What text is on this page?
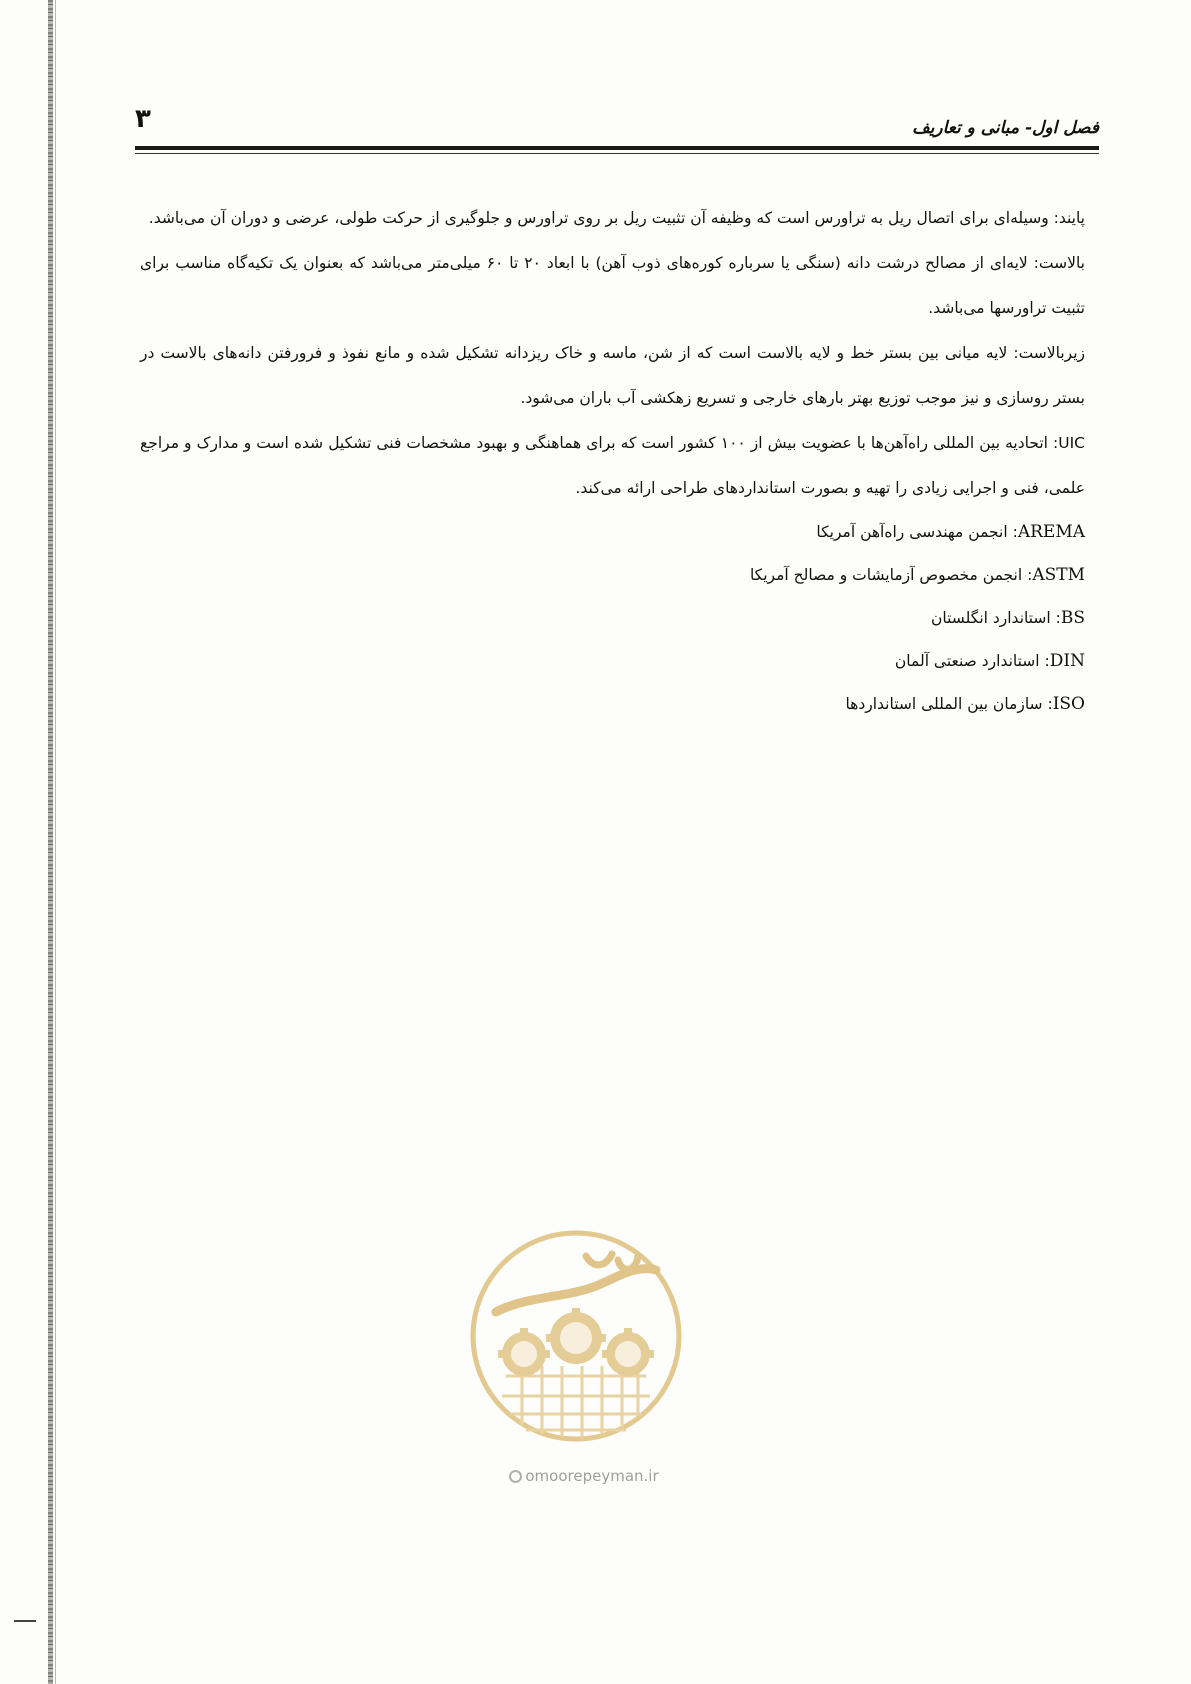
۳	فصل اول- مبانی و تعاریف

پایند: وسیله‌ای برای اتصال ریل به تراورس است که وظیفه آن تثبیت ریل بر روی تراورس و جلوگیری از حرکت طولی، عرضی و دوران آن می‌باشد.

بالاست: لایه‌ای از مصالح درشت دانه (سنگی یا سرباره کوره‌های ذوب آهن) با ابعاد ۲۰ تا ۶۰ میلی‌متر می‌باشد که بعنوان یک تکیه‌گاه مناسب برای تثبیت تراورسها می‌باشد.

زیربالاست: لایه میانی بین بستر خط و لایه بالاست است که از شن، ماسه و خاک ریزدانه تشکیل شده و مانع نفوذ و فرورفتن دانه‌های بالاست در بستر روسازی و نیز موجب توزیع بهتر بارهای خارجی و تسریع زهکشی آب باران می‌شود.

UIC: اتحادیه بین المللی راه‌آهن‌ها با عضویت بیش از ۱۰۰ کشور است که برای هماهنگی و بهبود مشخصات فنی تشکیل شده است و مدارک و مراجع علمی، فنی و اجرایی زیادی را تهیه و بصورت استانداردهای طراحی ارائه می‌کند.

AREMA: انجمن مهندسی راه‌آهن آمریکا
ASTM: انجمن مخصوص آزمایشات و مصالح آمریکا
BS: استاندارد انگلستان
DIN: استاندارد صنعتی آلمان
ISO: سازمان بین المللی استانداردها
omoorepeyman.ir
